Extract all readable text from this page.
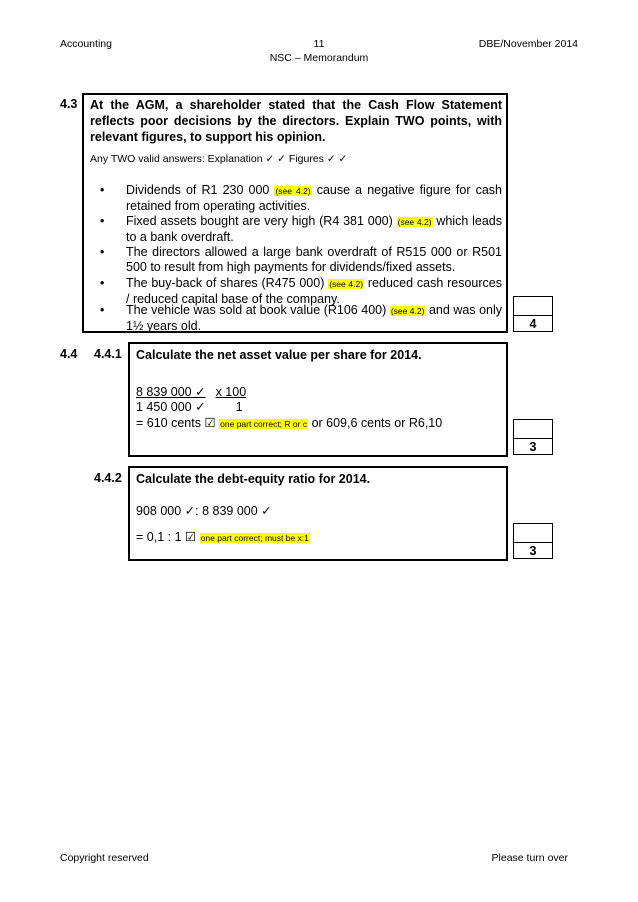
Accounting	11
NSC – Memorandum
DBE/November 2014
4.3 At the AGM, a shareholder stated that the Cash Flow Statement reflects poor decisions by the directors. Explain TWO points, with relevant figures, to support his opinion.
Any TWO valid answers: Explanation ✓ ✓ Figures ✓ ✓
• Dividends of R1 230 000 (see 4.2) cause a negative figure for cash retained from operating activities.
• Fixed assets bought are very high (R4 381 000) (see 4.2) which leads to a bank overdraft.
• The directors allowed a large bank overdraft of R515 000 or R501 500 to result from high payments for dividends/fixed assets.
• The buy-back of shares (R475 000) (see 4.2) reduced cash resources / reduced capital base of the company.
• The vehicle was sold at book value (R106 400) (see 4.2) and was only 1½ years old.	4
4.4 4.4.1 Calculate the net asset value per share for 2014.
8 839 000 ✓ x 100
1 450 000 ✓ 1
= 610 cents ☑ one part correct; R or c or 609,6 cents or R6,10
3
4.4.2 Calculate the debt-equity ratio for 2014.
908 000 ✓: 8 839 000 ✓
= 0,1 : 1 ☑ one part correct; must be x:1
3
Copyright reserved	Please turn over
